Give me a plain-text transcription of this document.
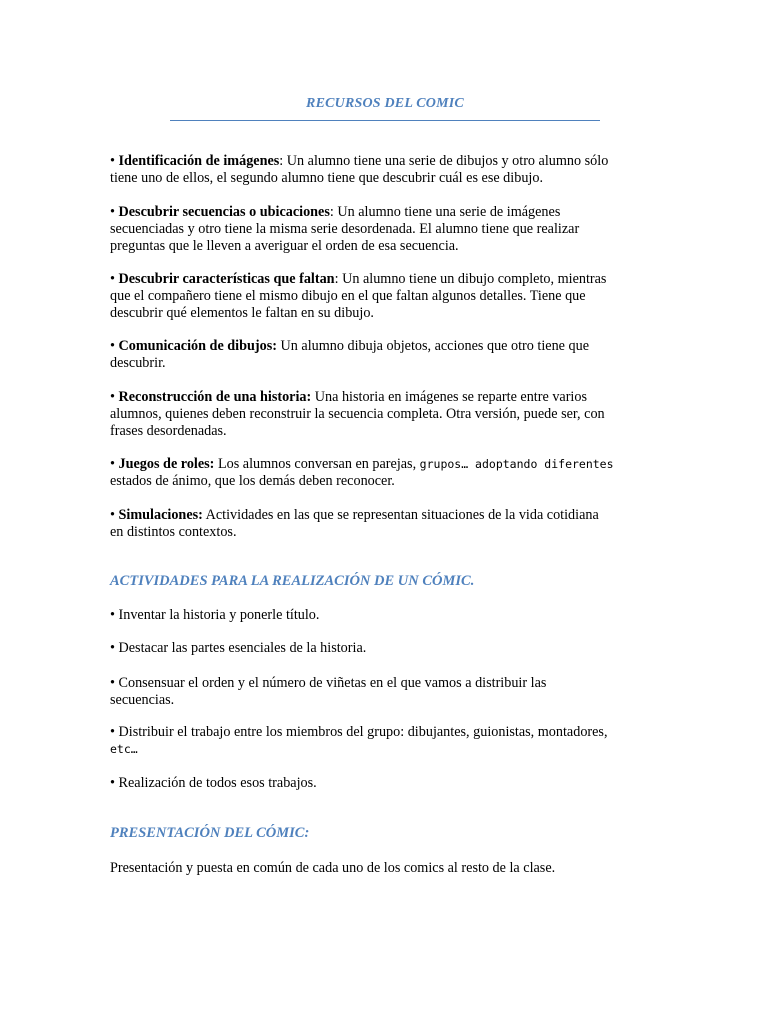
RECURSOS DEL COMIC

• Identificación de imágenes: Un alumno tiene una serie de dibujos y otro alumno sólo
tiene uno de ellos, el segundo alumno tiene que descubrir cuál es ese dibujo.

• Descubrir secuencias o ubicaciones: Un alumno tiene una serie de imágenes
secuenciadas y otro tiene la misma serie desordenada. El alumno tiene que realizar
preguntas que le lleven a averiguar el orden de esa secuencia.

• Descubrir características que faltan: Un alumno tiene un dibujo completo, mientras
que el compañero tiene el mismo dibujo en el que faltan algunos detalles. Tiene que
descubrir qué elementos le faltan en su dibujo.

• Comunicación de dibujos: Un alumno dibuja objetos, acciones que otro tiene que
descubrir.

• Reconstrucción de una historia: Una historia en imágenes se reparte entre varios
alumnos, quienes deben reconstruir la secuencia completa. Otra versión, puede ser, con
frases desordenadas.

• Juegos de roles: Los alumnos conversan en parejas, grupos… adoptando diferentes
estados de ánimo, que los demás deben reconocer.

• Simulaciones: Actividades en las que se representan situaciones de la vida cotidiana
en distintos contextos.

ACTIVIDADES PARA LA REALIZACIÓN DE UN CÓMIC.

• Inventar la historia y ponerle título.

• Destacar las partes esenciales de la historia.

• Consensuar el orden y el número de viñetas en el que vamos a distribuir las
secuencias.

• Distribuir el trabajo entre los miembros del grupo: dibujantes, guionistas, montadores,
etc…

• Realización de todos esos trabajos.

PRESENTACIÓN DEL CÓMIC:

Presentación y puesta en común de cada uno de los comics al resto de la clase.
